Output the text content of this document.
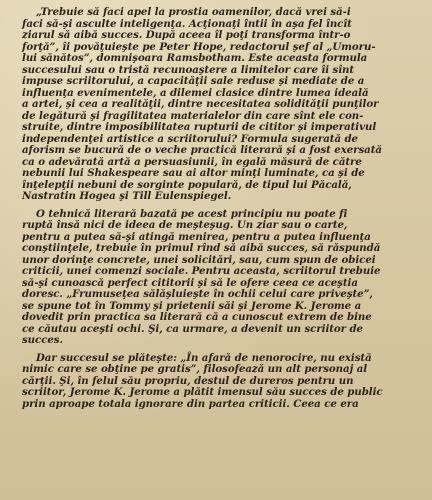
„Trebuie să faci apel la prostia oamenilor, dacă vrei să-i
faci să-şi asculte inteligenţa. Acţionaţi întii în aşa fel încît
ziarul să aibă succes. După aceea îl poţi transforma într-o
forţă”, îi povăţuieşte pe Peter Hope, redactorul şef al „Umoru-
lui sănătos”, domnişoara Ramsbotham. Este aceasta formula
succesului sau o tristă recunoaştere a limitelor care îi sînt
impuse scriitorului, a capacităţii sale reduse şi mediate de a
influenţa evenimentele, a dilemei clasice dintre lumea ideală
a artei, şi cea a realităţii, dintre necesitatea solidităţii punţilor
de legătură şi fragilitatea materialelor din care sînt ele con-
struite, dintre imposibilitatea rupturii de cititor şi imperativul
independenţei artistice a scriitorului? Formula sugerată de
aforism se bucură de o veche practică literară şi a fost exersată
ca o adevărată artă a persuasiunii, în egală măsură de către
nebunii lui Shakespeare sau ai altor minţi luminate, ca şi de
înţelepţii nebuni de sorginte populară, de tipul lui Păcală,
Nastratin Hogea şi Till Eulenspiegel.

O tehnică literară bazată pe acest principiu nu poate fi
ruptă însă nici de ideea de meşteşug. Un ziar sau o carte,
pentru a putea să-şi atingă menirea, pentru a putea influenţa
conştiinţele, trebuie în primul rînd să aibă succes, să răspundă
unor dorinţe concrete, unei solicitări, sau, cum spun de obicei
criticii, unei comenzi sociale. Pentru aceasta, scriitorul trebuie
să-şi cunoască perfect cititorii şi să le ofere ceea ce aceştia
doresc. „Frumuseţea sălăşluieşte în ochii celui care priveşte”,
se spune tot în Tommy şi prietenii săi şi Jerome K. Jerome a
dovedit prin practica sa literară că a cunoscut extrem de bine
ce căutau aceşti ochi. Şi, ca urmare, a devenit un scriitor de
succes.

Dar succesul se plăteşte: „În afară de nenorocire, nu există
nimic care se obţine pe gratis”, filosofează un alt personaj al
cărţii. Şi, în felul său propriu, destul de dureros pentru un
scriitor, Jerome K. Jerome a plătit imensul său succes de public
prin aproape totala ignorare din partea criticii. Ceea ce era
